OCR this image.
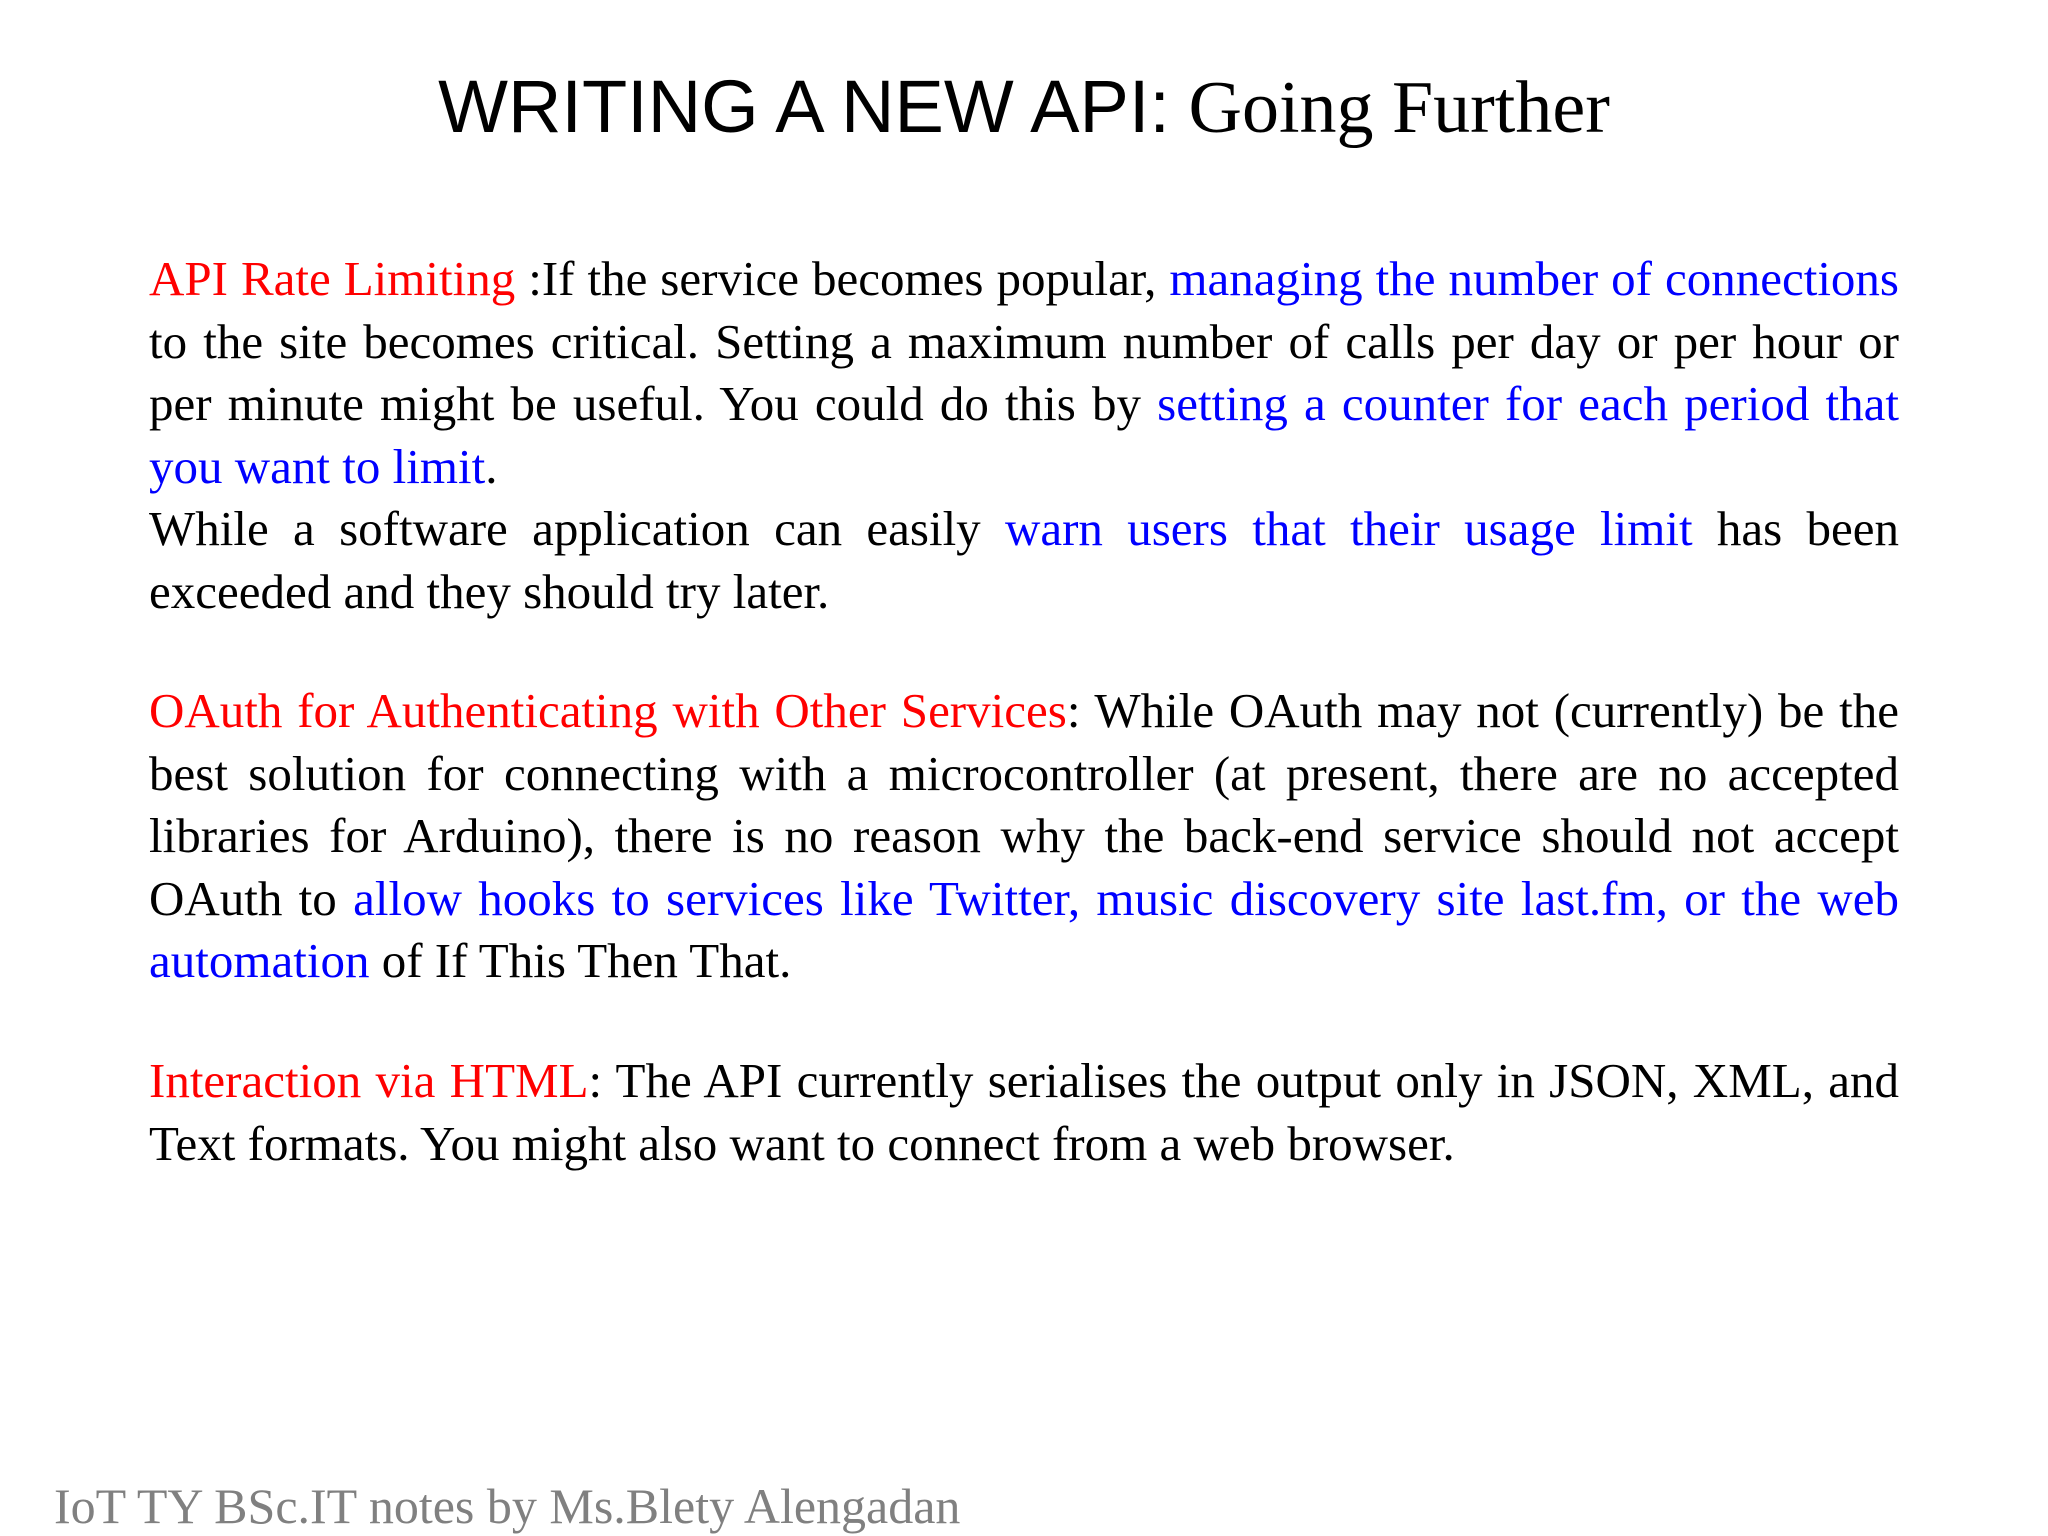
WRITING A NEW API: Going Further

API Rate Limiting :If the service becomes popular, managing the number of connections to the site becomes critical. Setting a maximum number of calls per day or per hour or per minute might be useful. You could do this by setting a counter for each period that you want to limit.

While a software application can easily warn users that their usage limit has been exceeded and they should try later.

OAuth for Authenticating with Other Services: While OAuth may not (currently) be the best solution for connecting with a microcontroller (at present, there are no accepted libraries for Arduino), there is no reason why the back-end service should not accept OAuth to allow hooks to services like Twitter, music discovery site last.fm, or the web automation of If This Then That.

Interaction via HTML: The API currently serialises the output only in JSON, XML, and Text formats. You might also want to connect from a web browser.

IoT TY BSc.IT notes by Ms.Blety Alengadan
